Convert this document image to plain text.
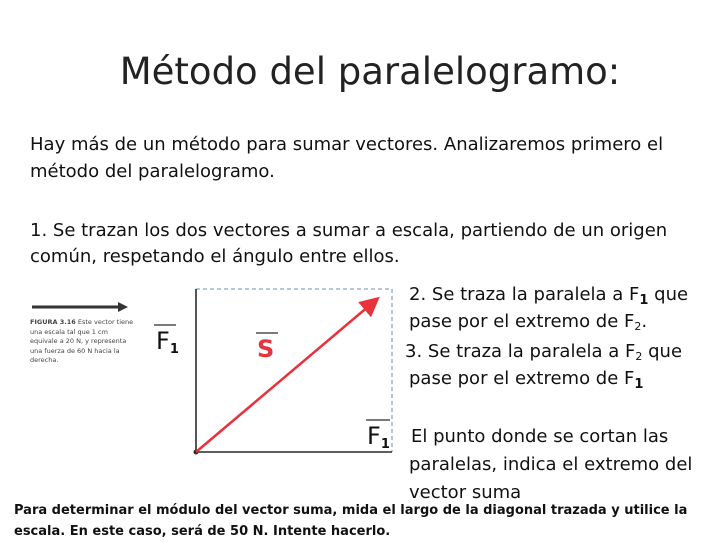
Método del paralelogramo:
Hay más de un método para sumar vectores. Analizaremos primero el
método del paralelogramo.
1. Se trazan los dos vectores a sumar a escala, partiendo de un origen
común, respetando el ángulo entre ellos.
2. Se traza la paralela a $F_1$ que
pase por el extremo de F2.
3. Se traza la paralela a F2 que
pase por el extremo de $F_1$
El punto donde se cortan las
paralelas, indica el extremo del
vector suma
Para determinar el módulo del vector suma, mida el largo de la diagonal trazada y utilice la
escala. En este caso, será de 50 N. Intente hacerlo.
FIGURA 3.16 Este vector tiene una escala tal que 1 cm equivale a 20 N, y representa una fuerza de 60 N hacia la derecha.
$F_1$	S
$F_1$
